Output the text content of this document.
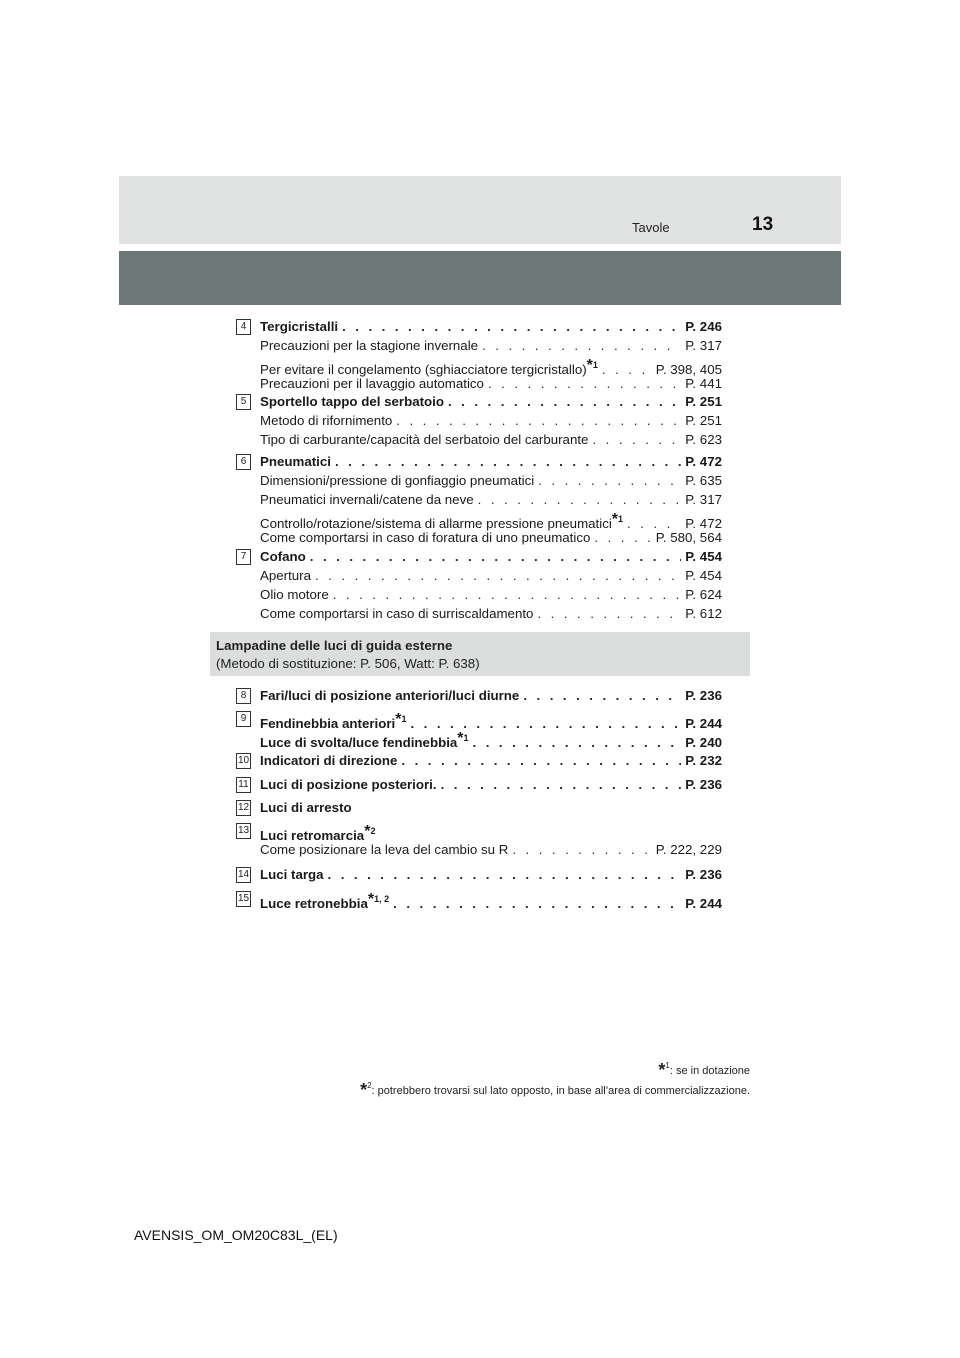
Tavole	13
4	Tergicristalli . . .	P. 246
Precauzioni per la stagione invernale . . .	P. 317
Per evitare il congelamento (sghiacciatore tergicristallo)*$^1$ . . .	P. 398, 405
Precauzioni per il lavaggio automatico . . .	P. 441
5	Sportello tappo del serbatoio . . .	P. 251
Metodo di rifornimento . . .	P. 251
Tipo di carburante/capacità del serbatoio del carburante . . .	P. 623
6	Pneumatici . . .	P. 472
Dimensioni/pressione di gonfiaggio pneumatici . . .	P. 635
Pneumatici invernali/catene da neve . . .	P. 317
Controllo/rotazione/sistema di allarme pressione pneumatici*$^1$ . . .	P. 472
Come comportarsi in caso di foratura di uno pneumatico . . .	P. 580, 564
7	Cofano . . .	P. 454
Apertura . . .	P. 454
Olio motore . . .	P. 624
Come comportarsi in caso di surriscaldamento . . .	P. 612
Lampadine delle luci di guida esterne
(Metodo di sostituzione: P. 506, Watt: P. 638)
8	Fari/luci di posizione anteriori/luci diurne . . .	P. 236
9	Fendinebbia anteriori*$^1$ . . .	P. 244
Luce di svolta/luce fendinebbia*$^1$ . . .	P. 240
10 Indicatori di direzione . . .	P. 232
11 Luci di posizione posteriori. . . .	P. 236
12 Luci di arresto
13 Luci retromarcia*$^2$
Come posizionare la leva del cambio su R . . .	P. 222, 229
14 Luci targa . . .	P. 236
15 Luce retronebbia*$^{1, 2}$ . . .	P. 244
*$^1$: se in dotazione
*$^2$: potrebbero trovarsi sul lato opposto, in base all’area di commercializzazione.
AVENSIS_OM_OM20C83L_(EL)
